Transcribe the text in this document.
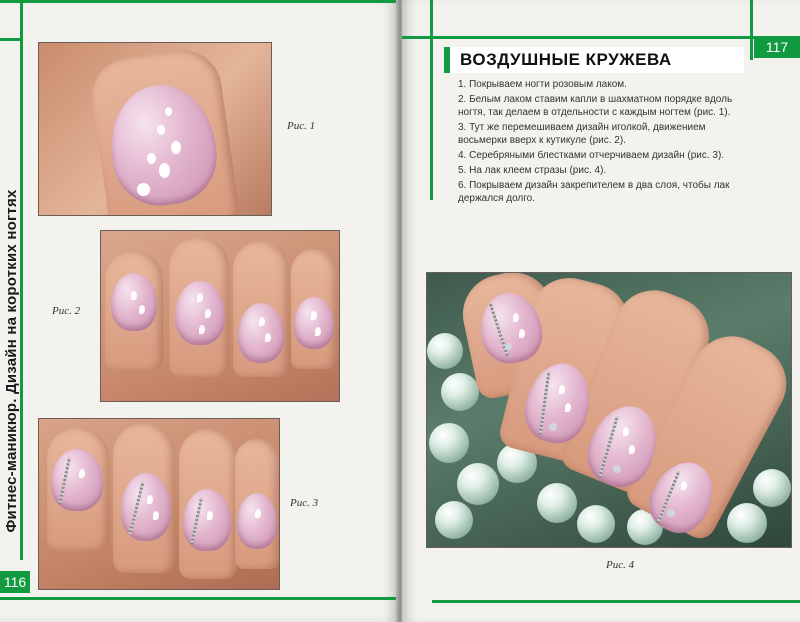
Фитнес-маникюр. Дизайн на коротких ногтях
116
Рис. 1
Рис. 2
Рис. 3
117
ВОЗДУШНЫЕ КРУЖЕВА
1. Покрываем ногти розовым лаком.
2. Белым лаком ставим капли в шахматном порядке вдоль ногтя, так делаем в отдельности с каждым ногтем (рис. 1).
3. Тут же перемешиваем дизайн иголкой, движением восьмерки вверх к кутикуле (рис. 2).
4. Серебряными блестками отчерчиваем дизайн (рис. 3).
5. На лак клеем стразы (рис. 4).
6. Покрываем дизайн закрепителем в два слоя, чтобы лак держался долго.
Рис. 4
